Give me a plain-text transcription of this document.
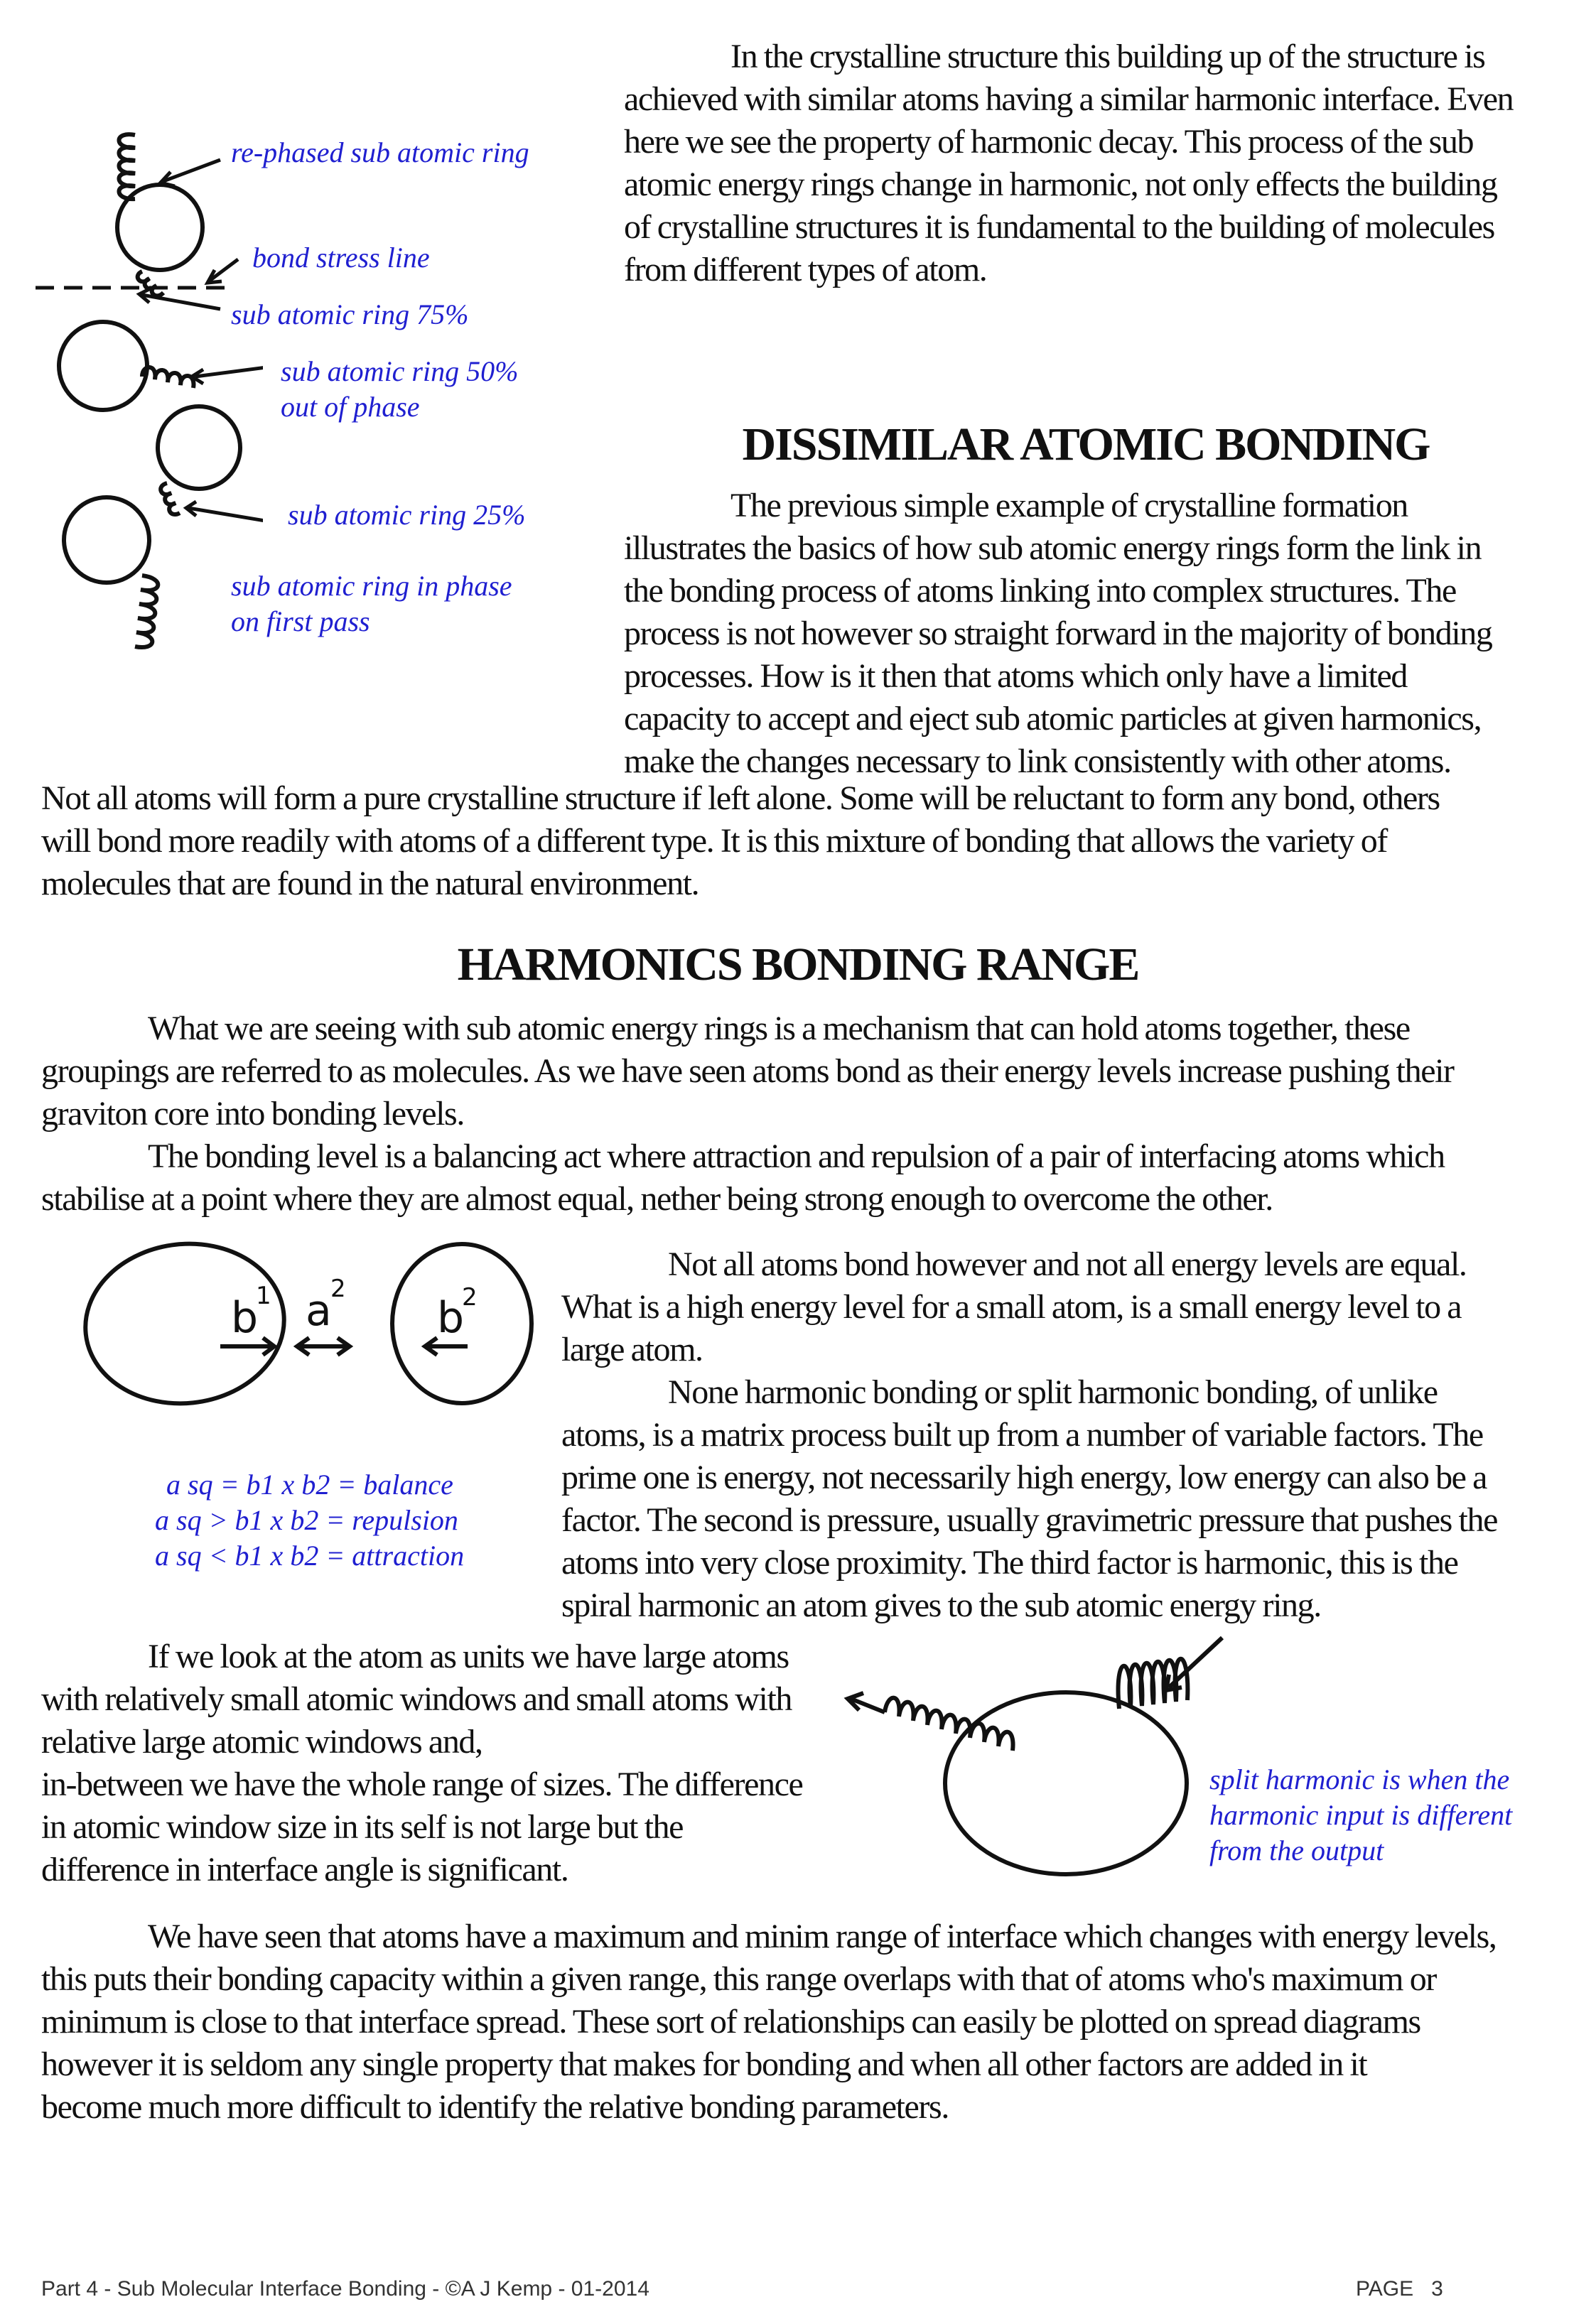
In the crystalline structure this building up of the structure is
achieved with similar atoms having a similar harmonic interface. Even
here we see the property of harmonic decay. This process of the sub
atomic energy rings change in harmonic, not only effects the building
of crystalline structures it is fundamental to the building of molecules
from different types of atom.
re-phased sub atomic ring
bond stress line
sub atomic ring 75%
sub atomic ring 50%
out of phase
sub atomic ring 25%
sub atomic ring in phase
on first pass
DISSIMILAR ATOMIC BONDING
The previous simple example of crystalline formation
illustrates the basics of how sub atomic energy rings form the link in
the bonding process of atoms linking into complex structures. The
process is not however so straight forward in the majority of bonding
processes. How is it then that atoms which only have a limited
capacity to accept and eject sub atomic particles at given harmonics,
make the changes necessary to link consistently with other atoms.
Not all atoms will form a pure crystalline structure if left alone. Some will be reluctant to form any bond, others
will bond more readily with atoms of a different type. It is this mixture of bonding that allows the variety of
molecules that are found in the natural environment.
HARMONICS BONDING RANGE
What we are seeing with sub atomic energy rings is a mechanism that can hold atoms together, these
groupings are referred to as molecules. As we have seen atoms bond as their energy levels increase pushing their
graviton core into bonding levels.
The bonding level is a balancing act where attraction and repulsion of a pair of interfacing atoms which
stabilise at a point where they are almost equal, nether being strong enough to overcome the other.
b
1 a
2
b
2
a sq = b1 x b2 = balance
a sq > b1 x b2 = repulsion
a sq < b1 x b2 = attraction
Not all atoms bond however and not all energy levels are equal.
What is a high energy level for a small atom, is a small energy level to a
large atom.
None harmonic bonding or split harmonic bonding, of unlike
atoms, is a matrix process built up from a number of variable factors. The
prime one is energy, not necessarily high energy, low energy can also be a
factor. The second is pressure, usually gravimetric pressure that pushes the
atoms into very close proximity. The third factor is harmonic, this is the
spiral harmonic an atom gives to the sub atomic energy ring.
If we look at the atom as units we have large atoms
with relatively small atomic windows and small atoms with
relative large atomic windows and,
in-between we have the whole range of sizes. The difference
in atomic window size in its self is not large but the
difference in interface angle is significant.
split harmonic is when the
harmonic input is different
from the output
We have seen that atoms have a maximum and minim range of interface which changes with energy levels,
this puts their bonding capacity within a given range, this range overlaps with that of atoms who's maximum or
minimum is close to that interface spread. These sort of relationships can easily be plotted on spread diagrams
however it is seldom any single property that makes for bonding and when all other factors are added in it
become much more difficult to identify the relative bonding parameters.
Part 4 - Sub Molecular Interface Bonding - ©A J Kemp - 01-2014	PAGE 3
